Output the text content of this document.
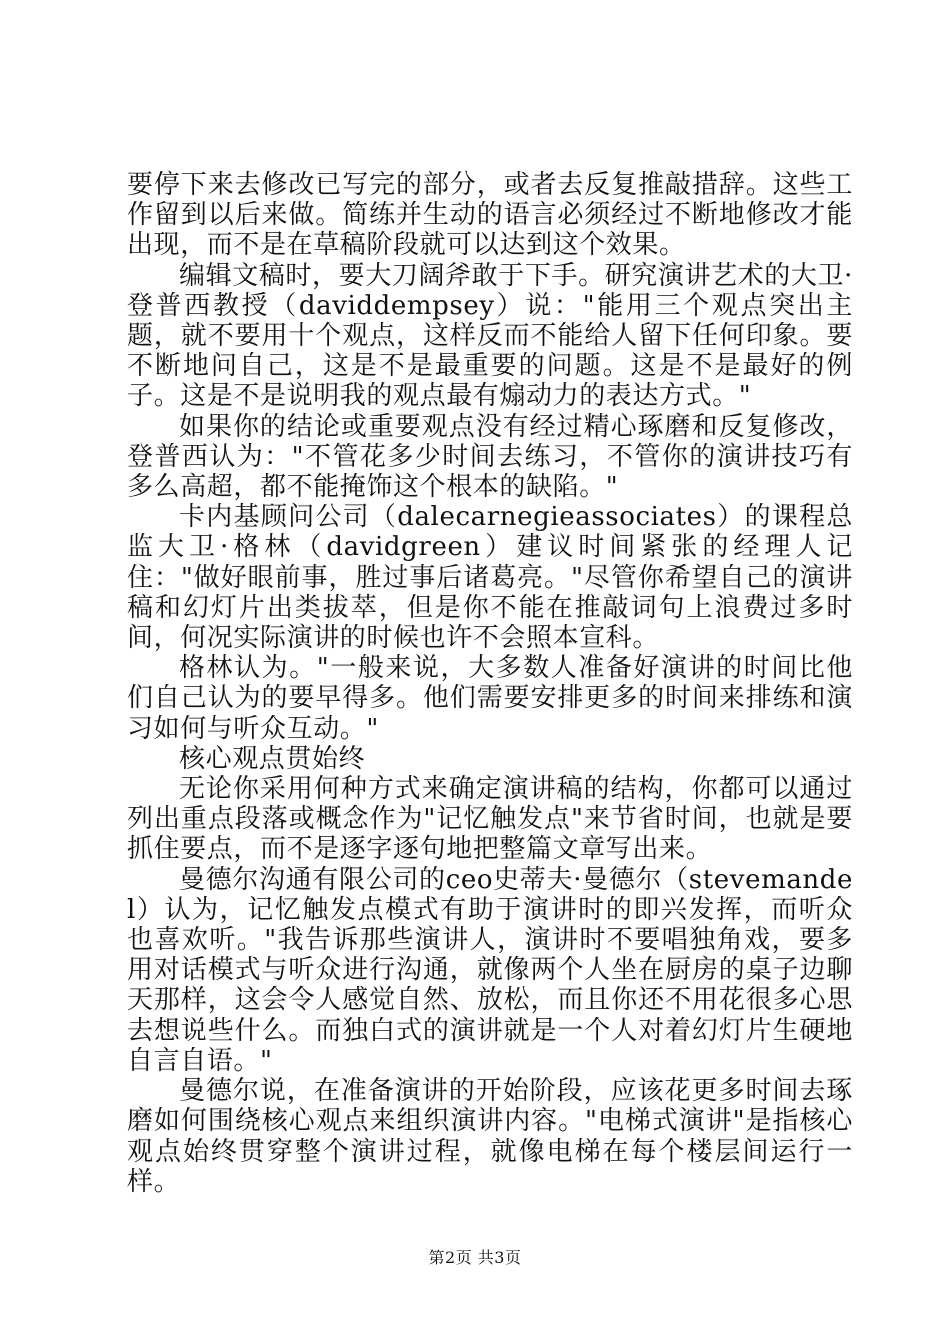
要停下来去修改已写完的部分，或者去反复推敲措辞。这些工作留到以后来做。简练并生动的语言必须经过不断地修改才能出现，而不是在草稿阶段就可以达到这个效果。

编辑文稿时，要大刀阔斧敢于下手。研究演讲艺术的大卫·登普西教授（daviddempsey）说："能用三个观点突出主题，就不要用十个观点，这样反而不能给人留下任何印象。要不断地问自己，这是不是最重要的问题。这是不是最好的例子。这是不是说明我的观点最有煽动力的表达方式。"

如果你的结论或重要观点没有经过精心琢磨和反复修改，登普西认为："不管花多少时间去练习，不管你的演讲技巧有多么高超，都不能掩饰这个根本的缺陷。"

卡内基顾问公司（dalecarnegieassociates）的课程总监大卫·格林（davidgreen）建议时间紧张的经理人记住："做好眼前事，胜过事后诸葛亮。"尽管你希望自己的演讲稿和幻灯片出类拔萃，但是你不能在推敲词句上浪费过多时间，何况实际演讲的时候也许不会照本宣科。

格林认为。"一般来说，大多数人准备好演讲的时间比他们自己认为的要早得多。他们需要安排更多的时间来排练和演习如何与听众互动。"

核心观点贯始终

无论你采用何种方式来确定演讲稿的结构，你都可以通过列出重点段落或概念作为"记忆触发点"来节省时间，也就是要抓住要点，而不是逐字逐句地把整篇文章写出来。

曼德尔沟通有限公司的ceo史蒂夫·曼德尔（stevemandel）认为，记忆触发点模式有助于演讲时的即兴发挥，而听众也喜欢听。"我告诉那些演讲人，演讲时不要唱独角戏，要多用对话模式与听众进行沟通，就像两个人坐在厨房的桌子边聊天那样，这会令人感觉自然、放松，而且你还不用花很多心思去想说些什么。而独白式的演讲就是一个人对着幻灯片生硬地自言自语。"

曼德尔说，在准备演讲的开始阶段，应该花更多时间去琢磨如何围绕核心观点来组织演讲内容。"电梯式演讲"是指核心观点始终贯穿整个演讲过程，就像电梯在每个楼层间运行一样。

第2页 共3页
